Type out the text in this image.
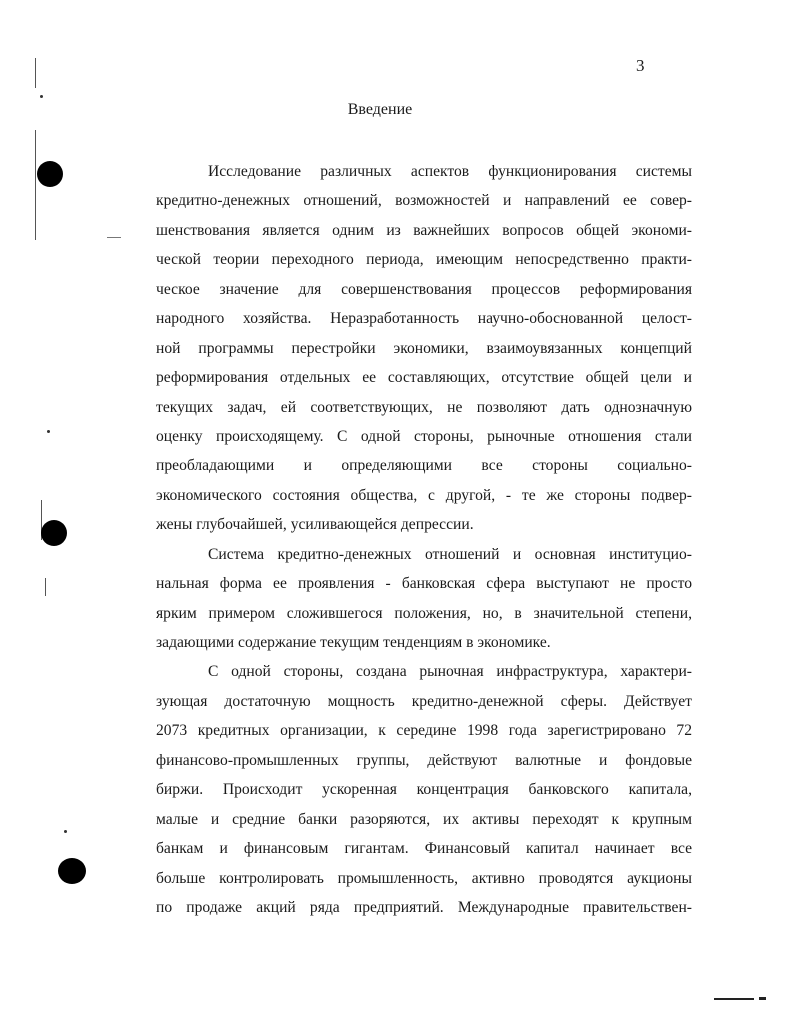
3
Введение
Исследование различных аспектов функционирования системы
кредитно-денежных отношений, возможностей и направлений ее совер-
шенствования является одним из важнейших вопросов общей экономи-
ческой теории переходного периода, имеющим непосредственно практи-
ческое значение для совершенствования процессов реформирования
народного хозяйства. Неразработанность научно-обоснованной целост-
ной программы перестройки экономики, взаимоувязанных концепций
реформирования отдельных ее составляющих, отсутствие общей цели и
текущих задач, ей соответствующих, не позволяют дать однозначную
оценку происходящему. С одной стороны, рыночные отношения стали
преобладающими и определяющими все стороны социально-
экономического состояния общества, с другой, - те же стороны подвер-
жены глубочайшей, усиливающейся депрессии.
Система кредитно-денежных отношений и основная институцио-
нальная форма ее проявления - банковская сфера выступают не просто
ярким примером сложившегося положения, но, в значительной степени,
задающими содержание текущим тенденциям в экономике.
С одной стороны, создана рыночная инфраструктура, характери-
зующая достаточную мощность кредитно-денежной сферы. Действует
2073 кредитных организации, к середине 1998 года зарегистрировано 72
финансово-промышленных группы, действуют валютные и фондовые
биржи. Происходит ускоренная концентрация банковского капитала,
малые и средние банки разоряются, их активы переходят к крупным
банкам и финансовым гигантам. Финансовый капитал начинает все
больше контролировать промышленность, активно проводятся аукционы
по продаже акций ряда предприятий. Международные правительствен-
